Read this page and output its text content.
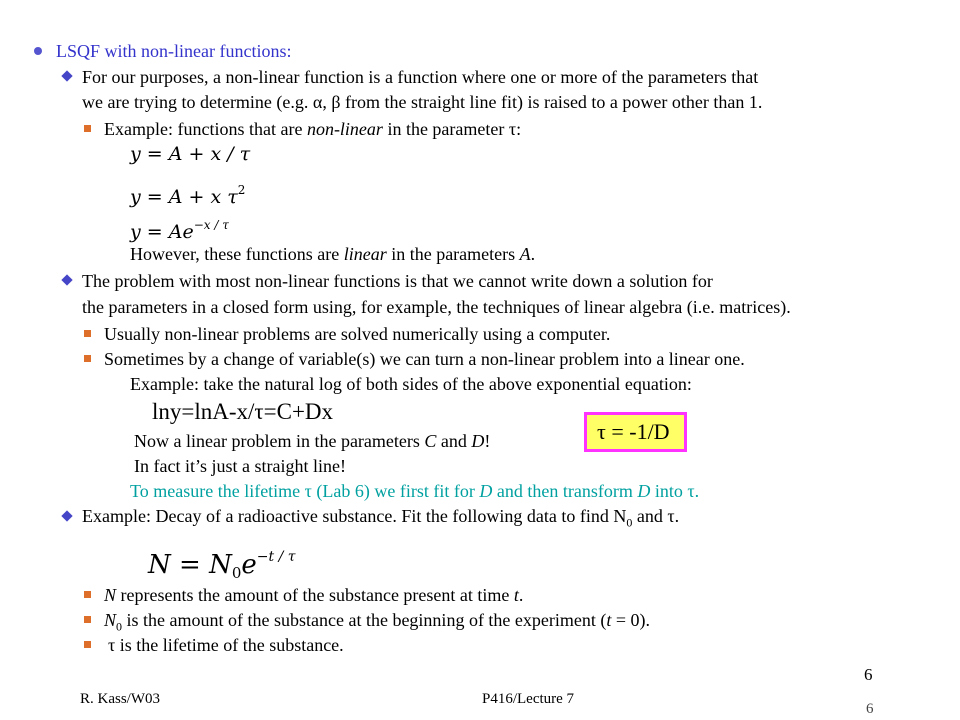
LSQF with non-linear functions:
For our purposes, a non-linear function is a function where one or more of the parameters that
we are trying to determine (e.g. α, β from the straight line fit) is raised to a power other than 1.
Example: functions that are non-linear in the parameter τ:
y = A + x / τ
y = A + x $\tau^2$
$y = Ae^{-x / \tau}$
However, these functions are linear in the parameters A.
The problem with most non-linear functions is that we cannot write down a solution for
the parameters in a closed form using, for example, the techniques of linear algebra (i.e. matrices).
Usually non-linear problems are solved numerically using a computer.
Sometimes by a change of variable(s) we can turn a non-linear problem into a linear one.
Example: take the natural log of both sides of the above exponential equation:
lny=lnA-x/τ=C+Dx
Now a linear problem in the parameters C and D!	τ = -1/D
In fact it’s just a straight line!
To measure the lifetime τ (Lab 6) we first fit for D and then transform D into τ.
Example: Decay of a radioactive substance. Fit the following data to find $N_0$ and τ.
$N = N_0e^{-t / \tau}$
N represents the amount of the substance present at time t.
$N_0$ is the amount of the substance at the beginning of the experiment (t = 0).
τ is the lifetime of the substance.
6
R. Kass/W03	P416/Lecture 7
6
